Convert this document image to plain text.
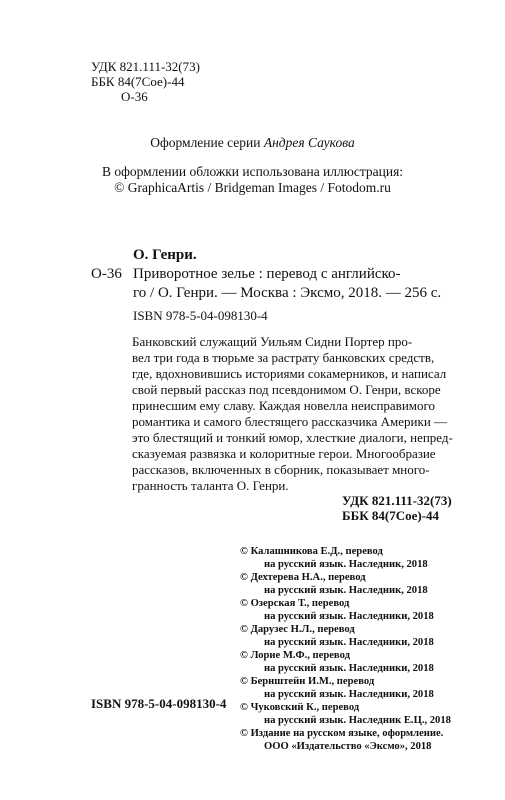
УДК 821.111-32(73)
ББК 84(7Сое)-44
О-36
Оформление серии Андрея Саукова
В оформлении обложки использована иллюстрация:
© GraphicaArtis / Bridgeman Images / Fotodom.ru
О. Генри.
О-36 Приворотное зелье : перевод с английско-
го / О. Генри. — Москва : Эксмо, 2018. — 256 с.
ISBN 978-5-04-098130-4
Банковский служащий Уильям Сидни Портер про-
вел три года в тюрьме за растрату банковских средств,
где, вдохновившись историями сокамерников, и написал
свой первый рассказ под псевдонимом О. Генри, вскоре
принесшим ему славу. Каждая новелла неисправимого
романтика и самого блестящего рассказчика Америки —
это блестящий и тонкий юмор, хлесткие диалоги, непред-
сказуемая развязка и колоритные герои. Многообразие
рассказов, включенных в сборник, показывает много-
гранность таланта О. Генри.
УДК 821.111-32(73)
ББК 84(7Сое)-44
© Калашникова Е.Д., перевод
на русский язык. Наследник, 2018
© Дехтерева Н.А., перевод
на русский язык. Наследник, 2018
© Озерская Т., перевод
на русский язык. Наследники, 2018
© Дарузес Н.Л., перевод
на русский язык. Наследники, 2018
© Лорие М.Ф., перевод
на русский язык. Наследники, 2018
© Бернштейн И.М., перевод
на русский язык. Наследники, 2018
© Чуковский К., перевод
на русский язык. Наследник Е.Ц., 2018
© Издание на русском языке, оформление.
ООО «Издательство «Эксмо», 2018
ISBN 978-5-04-098130-4
